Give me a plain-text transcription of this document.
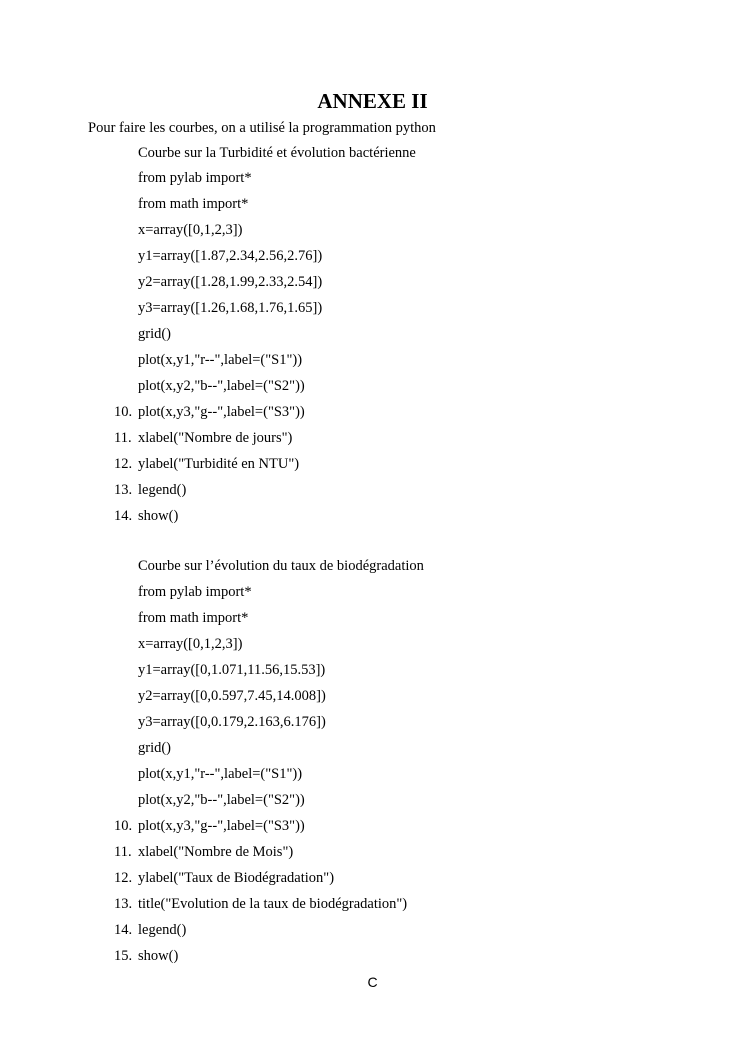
ANNEXE II
Pour faire les courbes, on a utilisé la programmation python
Courbe sur la Turbidité et évolution bactérienne
from pylab import*
from math import*
x=array([0,1,2,3])
y1=array([1.87,2.34,2.56,2.76])
y2=array([1.28,1.99,2.33,2.54])
y3=array([1.26,1.68,1.76,1.65])
grid()
plot(x,y1,"r--",label=("S1"))
plot(x,y2,"b--",label=("S2"))
10. plot(x,y3,"g--",label=("S3"))
11. xlabel("Nombre de jours")
12. ylabel("Turbidité en NTU")
13. legend()
14. show()
Courbe sur l’évolution du taux de biodégradation
from pylab import*
from math import*
x=array([0,1,2,3])
y1=array([0,1.071,11.56,15.53])
y2=array([0,0.597,7.45,14.008])
y3=array([0,0.179,2.163,6.176])
grid()
plot(x,y1,"r--",label=("S1"))
plot(x,y2,"b--",label=("S2"))
10. plot(x,y3,"g--",label=("S3"))
11. xlabel("Nombre de Mois")
12. ylabel("Taux de Biodégradation")
13. title("Evolution de la taux de biodégradation")
14. legend()
15. show()
C
